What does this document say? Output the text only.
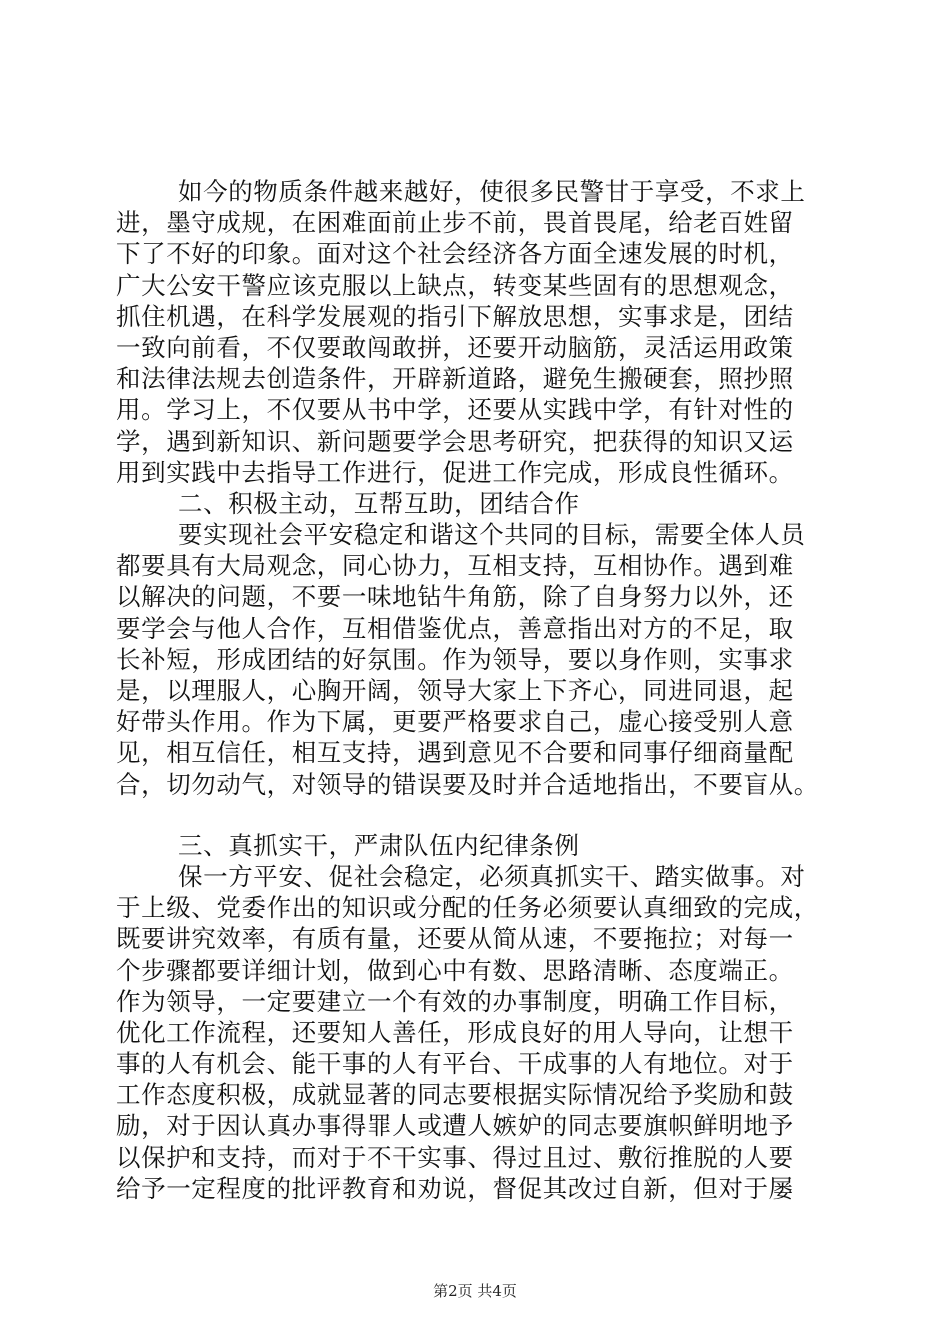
如今的物质条件越来越好，使很多民警甘于享受，不求上
进，墨守成规，在困难面前止步不前，畏首畏尾，给老百姓留
下了不好的印象。面对这个社会经济各方面全速发展的时机，
广大公安干警应该克服以上缺点，转变某些固有的思想观念，
抓住机遇，在科学发展观的指引下解放思想，实事求是，团结
一致向前看，不仅要敢闯敢拼，还要开动脑筋，灵活运用政策
和法律法规去创造条件，开辟新道路，避免生搬硬套，照抄照
用。学习上，不仅要从书中学，还要从实践中学，有针对性的
学，遇到新知识、新问题要学会思考研究，把获得的知识又运
用到实践中去指导工作进行，促进工作完成，形成良性循环。
二、积极主动，互帮互助，团结合作
要实现社会平安稳定和谐这个共同的目标，需要全体人员
都要具有大局观念，同心协力，互相支持，互相协作。遇到难
以解决的问题，不要一味地钻牛角筋，除了自身努力以外，还
要学会与他人合作，互相借鉴优点，善意指出对方的不足，取
长补短，形成团结的好氛围。作为领导，要以身作则，实事求
是，以理服人，心胸开阔，领导大家上下齐心，同进同退，起
好带头作用。作为下属，更要严格要求自己，虚心接受别人意
见，相互信任，相互支持，遇到意见不合要和同事仔细商量配
合，切勿动气，对领导的错误要及时并合适地指出，不要盲从。
三、真抓实干，严肃队伍内纪律条例
保一方平安、促社会稳定，必须真抓实干、踏实做事。对
于上级、党委作出的知识或分配的任务必须要认真细致的完成，
既要讲究效率，有质有量，还要从简从速，不要拖拉；对每一
个步骤都要详细计划，做到心中有数、思路清晰、态度端正。
作为领导，一定要建立一个有效的办事制度，明确工作目标，
优化工作流程，还要知人善任，形成良好的用人导向，让想干
事的人有机会、能干事的人有平台、干成事的人有地位。对于
工作态度积极，成就显著的同志要根据实际情况给予奖励和鼓
励，对于因认真办事得罪人或遭人嫉妒的同志要旗帜鲜明地予
以保护和支持，而对于不干实事、得过且过、敷衍推脱的人要
给予一定程度的批评教育和劝说，督促其改过自新，但对于屡
第2页 共4页
